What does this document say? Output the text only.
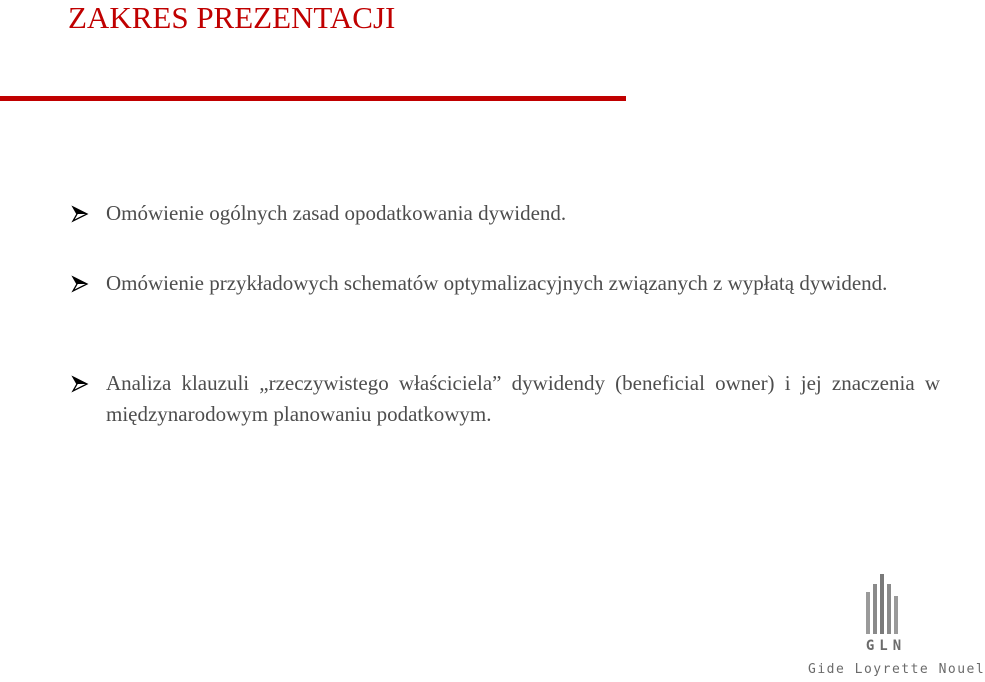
ZAKRES PREZENTACJI
Omówienie ogólnych zasad opodatkowania dywidend.
Omówienie przykładowych schematów optymalizacyjnych związanych z wypłatą dywidend.
Analiza klauzuli „rzeczywistego właściciela” dywidendy (beneficial owner) i jej znaczenia w międzynarodowym planowaniu podatkowym.
GLN
Gide Loyrette Nouel
